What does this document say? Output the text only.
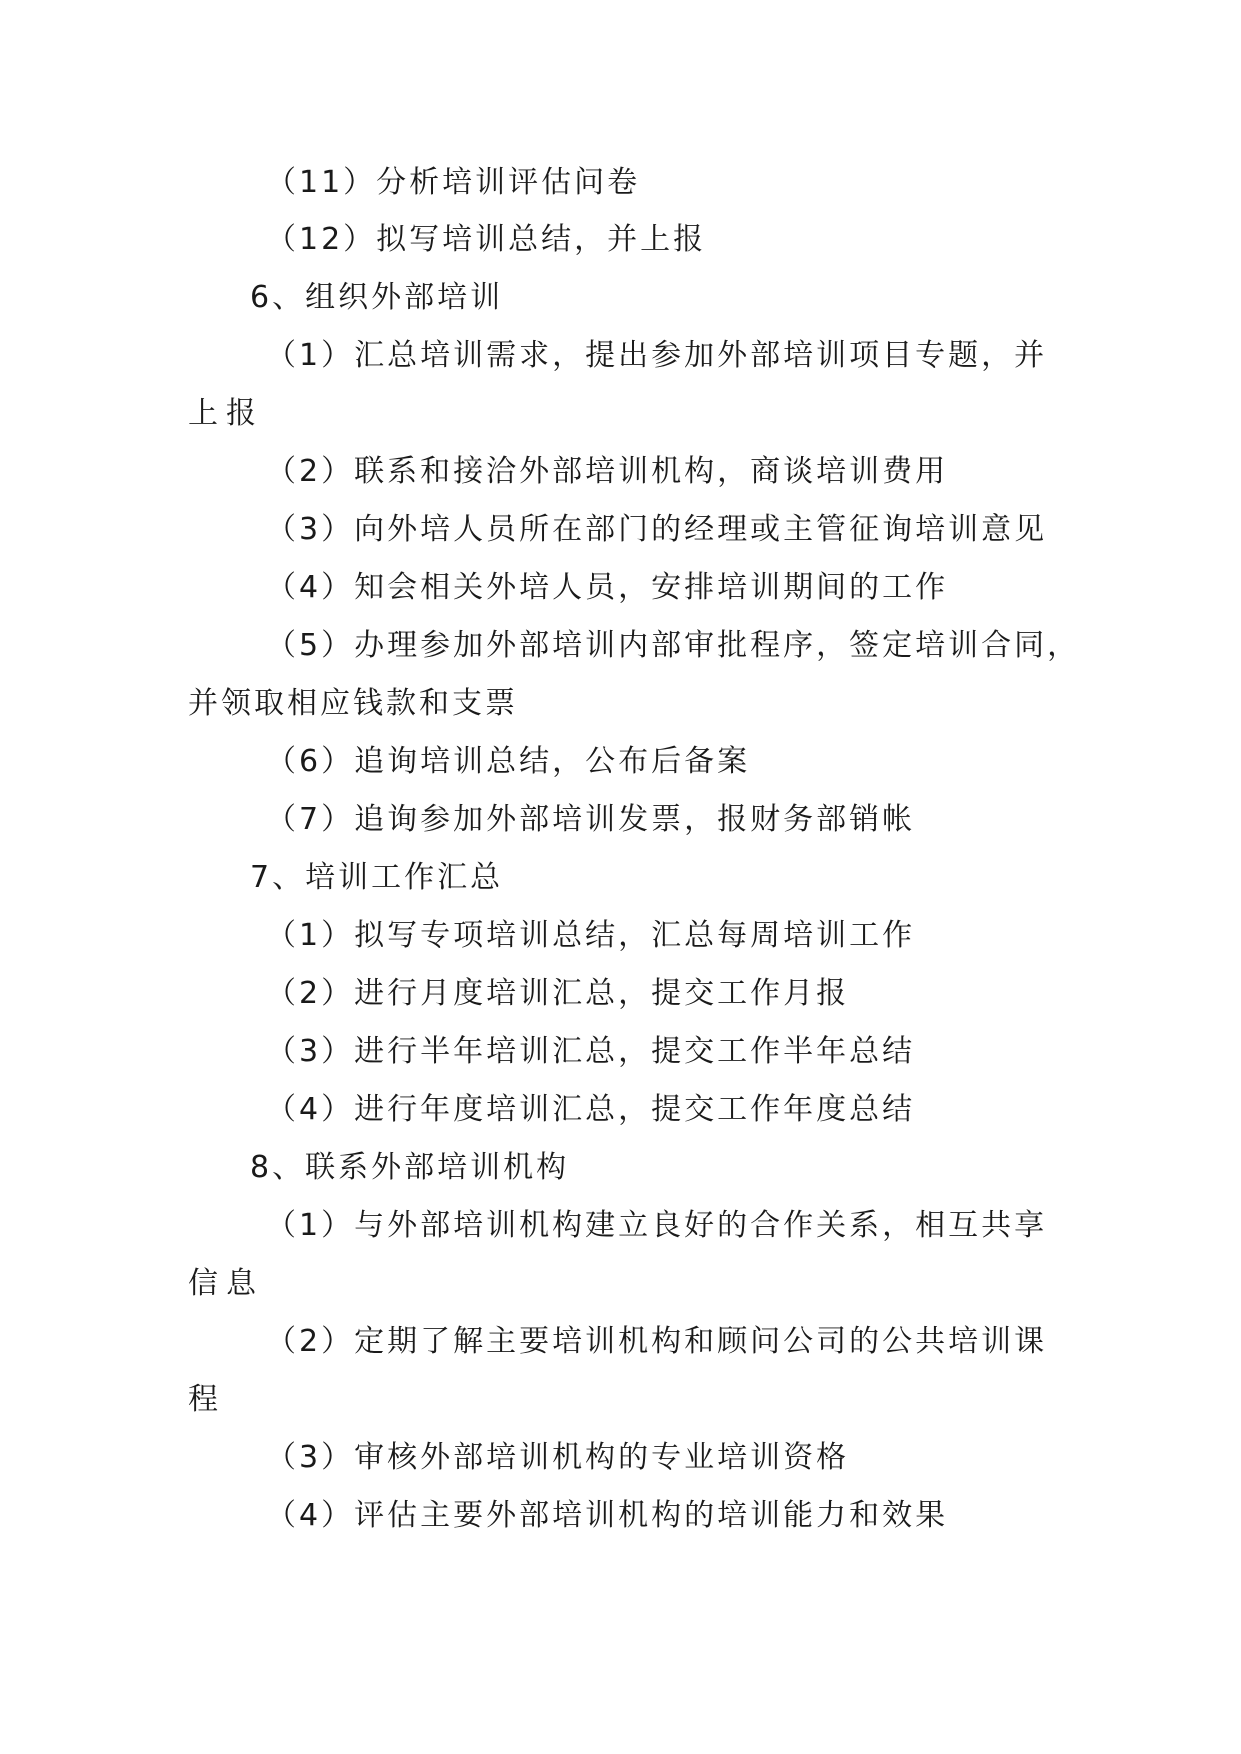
（11）分析培训评估问卷
（12）拟写培训总结，并上报
6、组织外部培训
（1）汇总培训需求，提出参加外部培训项目专题，并
上报
（2）联系和接洽外部培训机构，商谈培训费用
（3）向外培人员所在部门的经理或主管征询培训意见
（4）知会相关外培人员，安排培训期间的工作
（5）办理参加外部培训内部审批程序，签定培训合同，
并领取相应钱款和支票
（6）追询培训总结，公布后备案
（7）追询参加外部培训发票，报财务部销帐
7、培训工作汇总
（1）拟写专项培训总结，汇总每周培训工作
（2）进行月度培训汇总，提交工作月报
（3）进行半年培训汇总，提交工作半年总结
（4）进行年度培训汇总，提交工作年度总结
8、联系外部培训机构
（1）与外部培训机构建立良好的合作关系，相互共享
信息
（2）定期了解主要培训机构和顾问公司的公共培训课
程
（3）审核外部培训机构的专业培训资格
（4）评估主要外部培训机构的培训能力和效果
